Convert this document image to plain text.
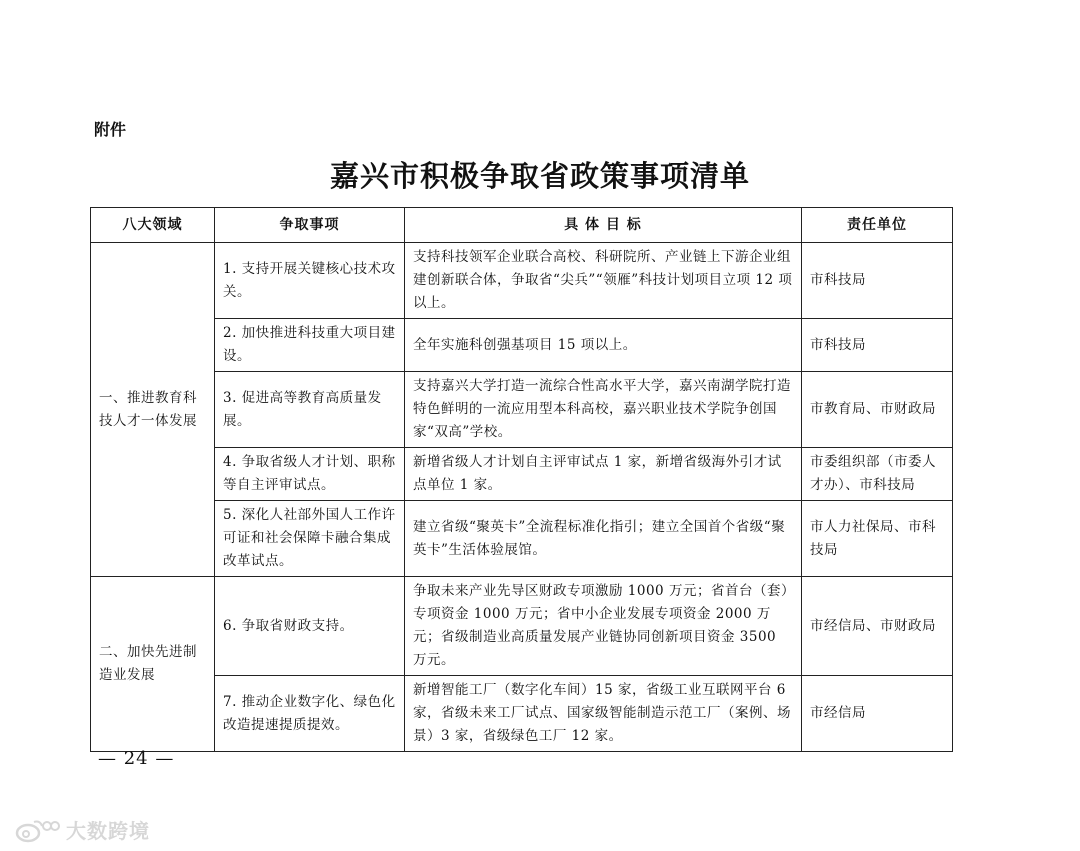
附件
嘉兴市积极争取省政策事项清单
八大领域	争取事项	具 体 目 标	责任单位
一、推进教育科技人才一体发展	1. 支持开展关键核心技术攻关。	支持科技领军企业联合高校、科研院所、产业链上下游企业组建创新联合体，争取省“尖兵”“领雁”科技计划项目立项 12 项以上。	市科技局
	2. 加快推进科技重大项目建设。	全年实施科创强基项目 15 项以上。	市科技局
	3. 促进高等教育高质量发展。	支持嘉兴大学打造一流综合性高水平大学，嘉兴南湖学院打造特色鲜明的一流应用型本科高校，嘉兴职业技术学院争创国家“双高”学校。	市教育局、市财政局
	4. 争取省级人才计划、职称等自主评审试点。	新增省级人才计划自主评审试点 1 家，新增省级海外引才试点单位 1 家。	市委组织部（市委人才办）、市科技局
	5. 深化人社部外国人工作许可证和社会保障卡融合集成改革试点。	建立省级“聚英卡”全流程标准化指引；建立全国首个省级“聚英卡”生活体验展馆。	市人力社保局、市科技局
二、加快先进制造业发展	6. 争取省财政支持。	争取未来产业先导区财政专项激励 1000 万元；省首台（套）专项资金 1000 万元；省中小企业发展专项资金 2000 万元；省级制造业高质量发展产业链协同创新项目资金 3500 万元。	市经信局、市财政局
	7. 推动企业数字化、绿色化改造提速提质提效。	新增智能工厂（数字化车间）15 家，省级工业互联网平台 6 家，省级未来工厂试点、国家级智能制造示范工厂（案例、场景）3 家，省级绿色工厂 12 家。	市经信局
— 24 —
大数跨境
